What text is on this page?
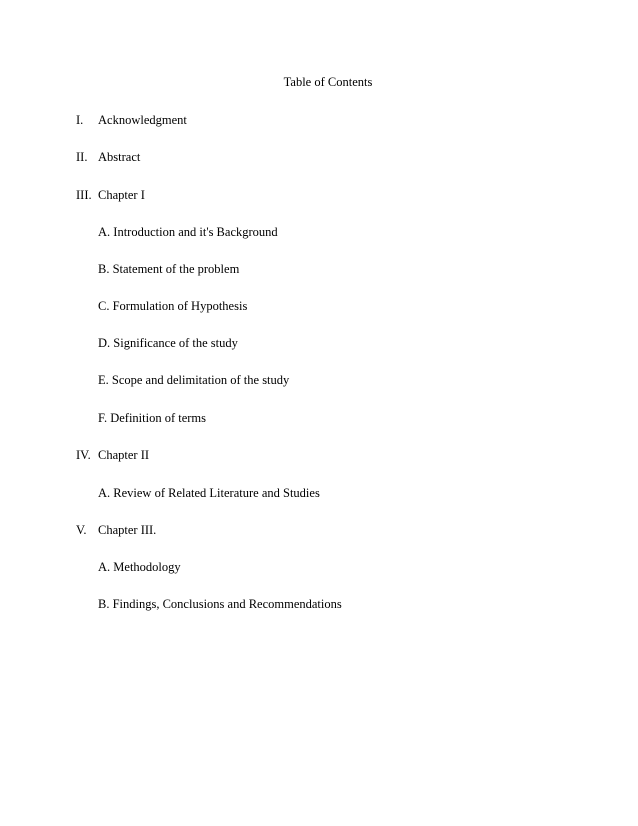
Table of Contents
I. Acknowledgment
II. Abstract
III. Chapter I
A. Introduction and it's Background
B. Statement of the problem
C. Formulation of Hypothesis
D. Significance of the study
E. Scope and delimitation of the study
F. Definition of terms
IV. Chapter II
A. Review of Related Literature and Studies
V. Chapter III.
A. Methodology
B. Findings, Conclusions and Recommendations
